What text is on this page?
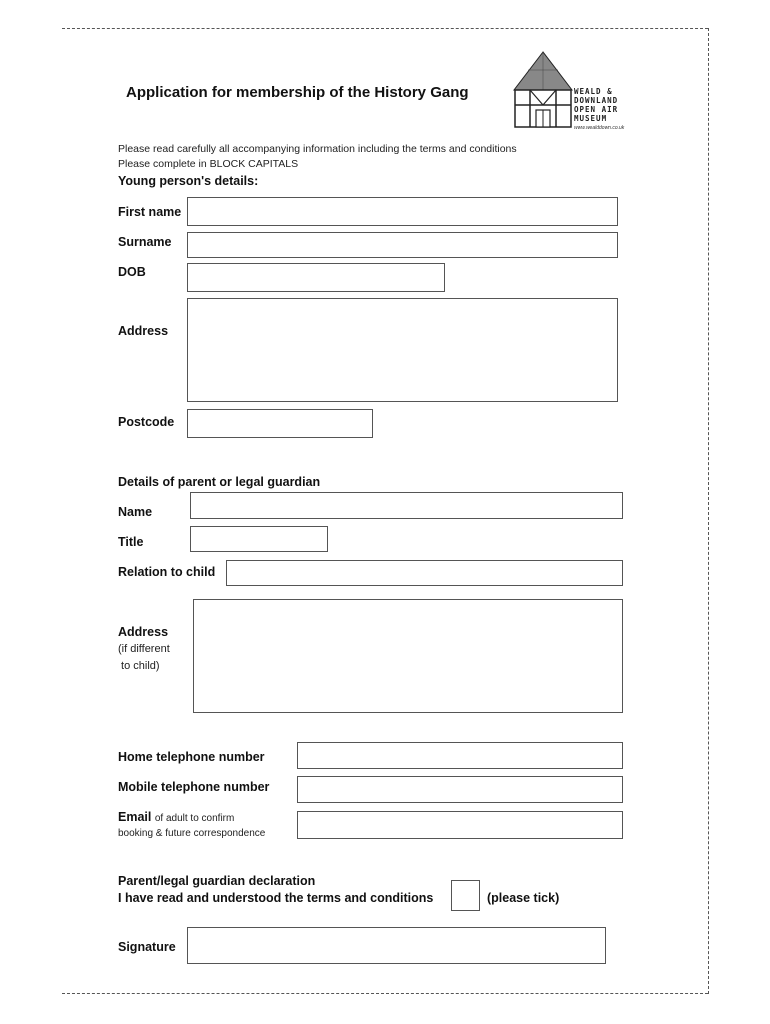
Application for membership of the History Gang	WEALD &
DOWNLAND
OPEN AIR
MUSEUM
www.wealddown.co.uk
Please read carefully all accompanying information including the terms and conditions
Please complete in BLOCK CAPITALS
Young person's details:
First name
Surname
DOB
Address
Postcode
Details of parent or legal guardian
Name
Title
Relation to child
Address
(if different
to child)
Home telephone number
Mobile telephone number
Email of adult to confirm
booking & future correspondence
Parent/legal guardian declaration
I have read and understood the terms and conditions	(please tick)
Signature
